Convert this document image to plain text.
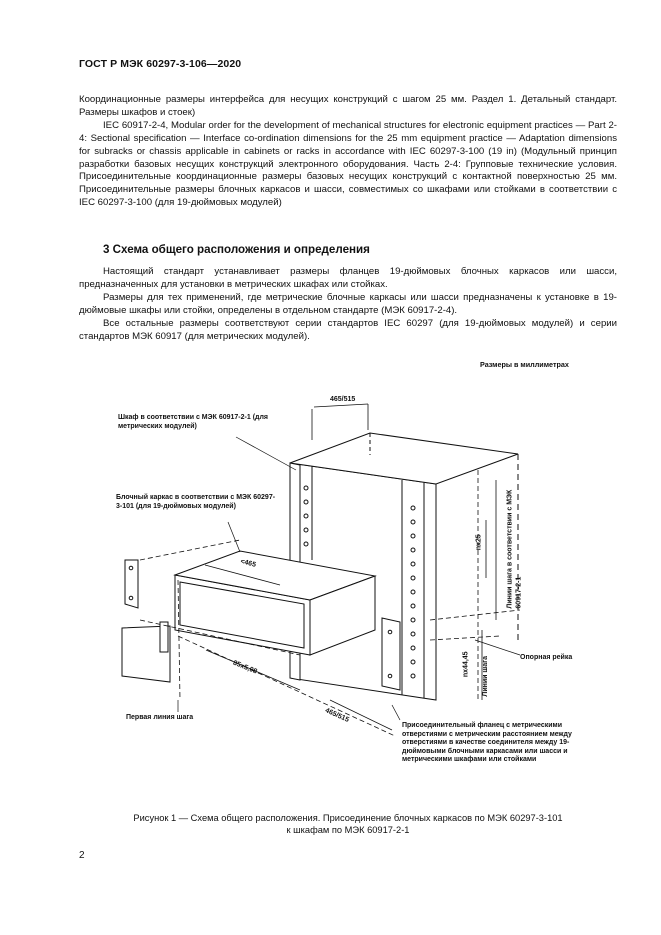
ГОСТ Р МЭК 60297-3-106—2020

Координационные размеры интерфейса для несущих конструкций с шагом 25 мм. Раздел 1. Детальный стандарт. Размеры шкафов и стоек)

IEC 60917-2-4, Modular order for the development of mechanical structures for electronic equipment practices — Part 2-4: Sectional specification — Interface co-ordination dimensions for the 25 mm equipment practice — Adaptation dimensions for subracks or chassis applicable in cabinets or racks in accordance with IEC 60297-3-100 (19 in) (Модульный принцип разработки базовых несущих конструкций электронного оборудования. Часть 2-4: Групповые технические условия. Присоединительные координационные размеры базовых несущих конструкций с контактной поверхностью 25 мм. Присоединительные размеры блочных каркасов и шасси, совместимых со шкафами или стойками в соответствии с IEC 60297-3-100 (для 19-дюймовых модулей)

3 Схема общего расположения и определения

Настоящий стандарт устанавливает размеры фланцев 19-дюймовых блочных каркасов или шасси, предназначенных для установки в метрических шкафах или стойках.

Размеры для тех применений, где метрические блочные каркасы или шасси предназначены к установке в 19-дюймовые шкафы или стойки, определены в отдельном стандарте (МЭК 60917-2-4).

Все остальные размеры соответствуют серии стандартов IEC 60297 (для 19-дюймовых модулей) и серии стандартов МЭК 60917 (для метрических модулей).

Размеры в миллиметрах
Шкаф в соответствии с МЭК 60917-2-1 (для метрических модулей)
Блочный каркас в соответствии с МЭК 60297-3-101 (для 19-дюймовых модулей)
465/515
<465
85x5,08
465/515
nx25
nx44,45
Линии шага в соответствии с МЭК 60917-2-1
Линии шага	Опорная рейка
Первая линия шага
Присоединительный фланец с метрическими отверстиями с метрическим расстоянием между отверстиями в качестве соединителя между 19-дюймовыми блочными каркасами или шасси и метрическими шкафами или стойками
Рисунок 1 — Схема общего расположения. Присоединение блочных каркасов по МЭК 60297-3-101
к шкафам по МЭК 60917-2-1
2
